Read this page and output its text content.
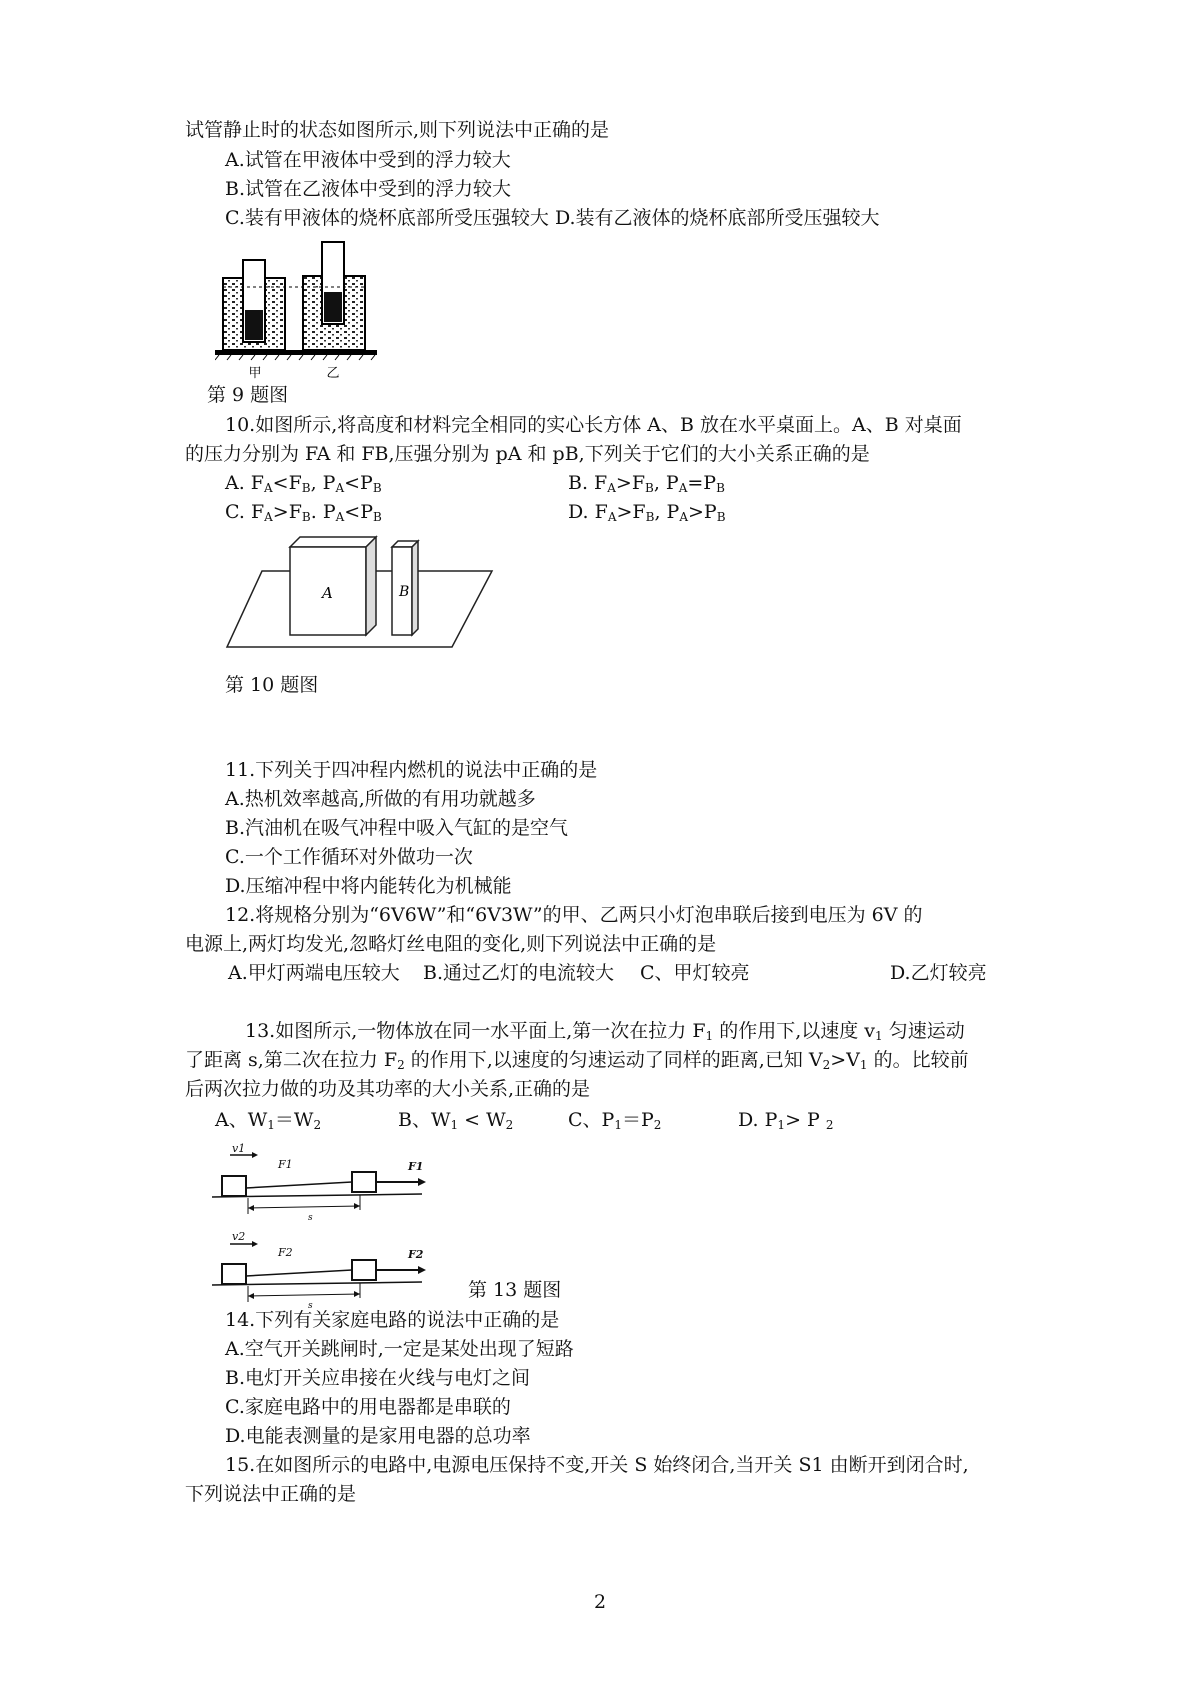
试管静止时的状态如图所示,则下列说法中正确的是
A.试管在甲液体中受到的浮力较大
B.试管在乙液体中受到的浮力较大
C.装有甲液体的烧杯底部所受压强较大 D.装有乙液体的烧杯底部所受压强较大
甲	乙
第 9 题图
10.如图所示,将高度和材料完全相同的实心长方体 A、B 放在水平桌面上。A、B 对桌面
的压力分别为 FA 和 FB,压强分别为 pA 和 pB,下列关于它们的大小关系正确的是
A. $F_A<F_B$, $P_A<P_B$	B. $F_A>F_B$, $P_A=P_B$
C. $F_A>F_B$. $P_A<P_B$	D. $F_A>F_B$, $P_A>P_B$
A	B
第 10 题图
11.下列关于四冲程内燃机的说法中正确的是
A.热机效率越高,所做的有用功就越多
B.汽油机在吸气冲程中吸入气缸的是空气
C.一个工作循环对外做功一次
D.压缩冲程中将内能转化为机械能
12.将规格分别为“6V6W”和“6V3W”的甲、乙两只小灯泡串联后接到电压为 6V 的
电源上,两灯均发光,忽略灯丝电阻的变化,则下列说法中正确的是
A.甲灯两端电压较大 B.通过乙灯的电流较大 C、甲灯较亮	D.乙灯较亮
13.如图所示,一物体放在同一水平面上,第一次在拉力 $F_1$ 的作用下,以速度 $v_1$ 匀速运动
了距离 s,第二次在拉力 $F_2$ 的作用下,以速度的匀速运动了同样的距离,已知 $V_2>V_1$ 的。比较前
后两次拉力做的功及其功率的大小关系,正确的是
A、$W_1=W_2$	B、$W_1 < W_2$	C、$P_1=P_2$	D. $P_1> P$ $_2$
v1
F1	F1
s
v2
F2	F2
s
第 13 题图
14.下列有关家庭电路的说法中正确的是
A.空气开关跳闸时,一定是某处出现了短路
B.电灯开关应串接在火线与电灯之间
C.家庭电路中的用电器都是串联的
D.电能表测量的是家用电器的总功率
15.在如图所示的电路中,电源电压保持不变,开关 S 始终闭合,当开关 S1 由断开到闭合时,
下列说法中正确的是
2
